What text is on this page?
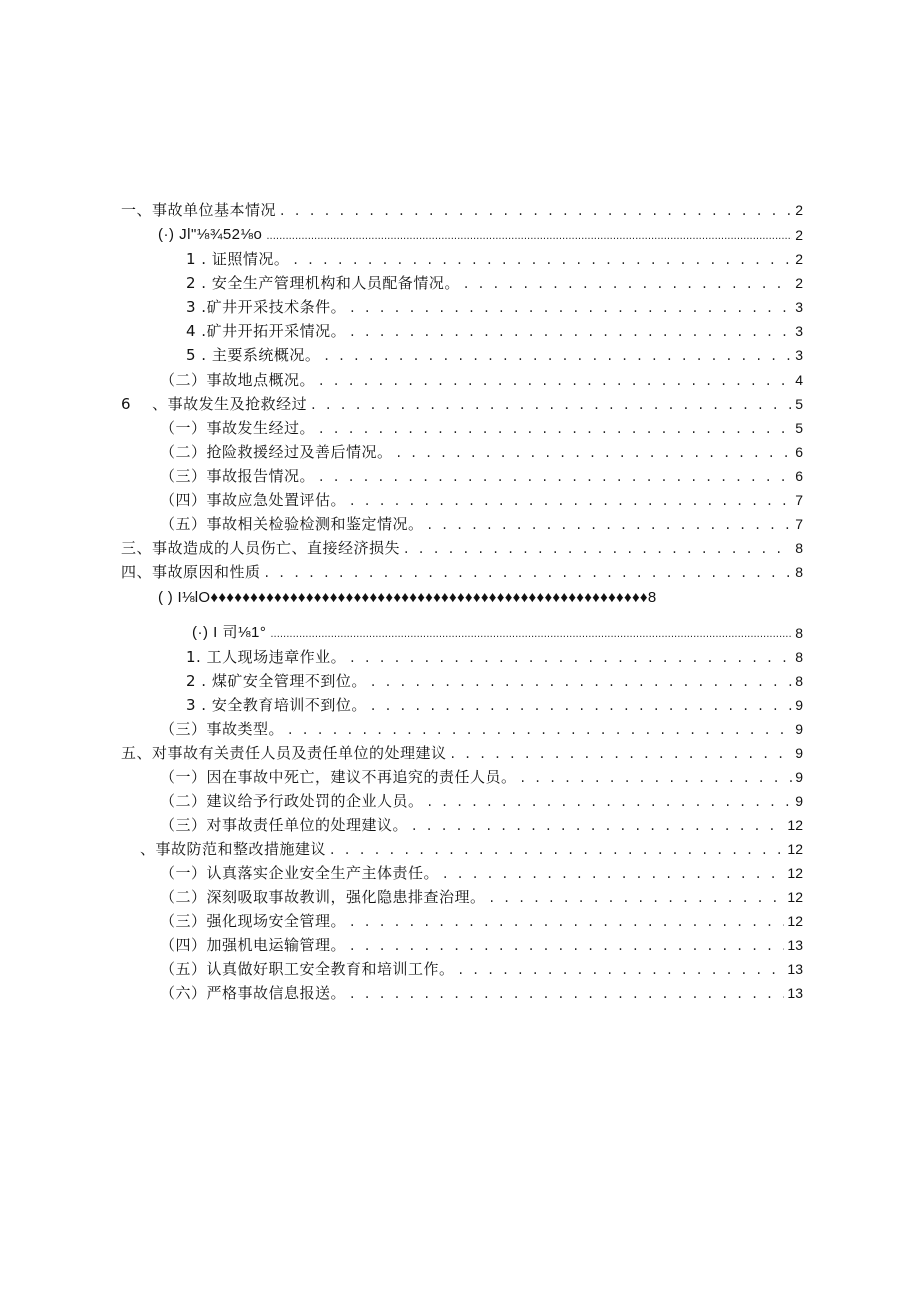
一、事故单位基本情况 . . .	2
(·) Jl"⅛¾52⅛o .....	2
1 . 证照情况。 . . .	2
2 . 安全生产管理机构和人员配备情况。 . . .	2
3 .矿井开采技术条件。 . . .	3
4 .矿井开拓开采情况。 . . .	3
5 . 主要系统概况。 . . .	3
（二）事故地点概况。 . . .	4
6    、事故发生及抢救经过 . . .	5
（一）事故发生经过。 . . .	5
（二）抢险救援经过及善后情况。 . . .	6
（三）事故报告情况。 . . .	6
（四）事故应急处置评估。 . . .	7
（五）事故相关检验检测和鉴定情况。 . . .	7
三、事故造成的人员伤亡、直接经济损失 . . .	8
四、事故原因和性质 . . .	8
( ) I⅛lO♦♦♦♦♦♦♦♦♦♦♦♦♦♦♦♦♦♦♦♦♦♦♦♦♦♦♦♦♦♦♦♦♦♦♦♦♦♦♦♦♦♦♦♦♦♦♦♦♦♦♦♦♦♦♦8
(·) I 司⅛1° .....	8
1. 工人现场违章作业。 . . .	8
2 . 煤矿安全管理不到位。 . . .	8
3 . 安全教育培训不到位。 . . .	9
（三）事故类型。 . . .	9
五、对事故有关责任人员及责任单位的处理建议 . . .	9
（一）因在事故中死亡，建议不再追究的责任人员。 . . .	9
（二）建议给予行政处罚的企业人员。 . . .	9
（三）对事故责任单位的处理建议。 . . .	12
、事故防范和整改措施建议 . . .	12
（一）认真落实企业安全生产主体责任。 . . .	12
（二）深刻吸取事故教训，强化隐患排查治理。 . . .	12
（三）强化现场安全管理。 . . .	12
（四）加强机电运输管理。 . . .	13
（五）认真做好职工安全教育和培训工作。 . . .	13
（六）严格事故信息报送。 . . .	13
